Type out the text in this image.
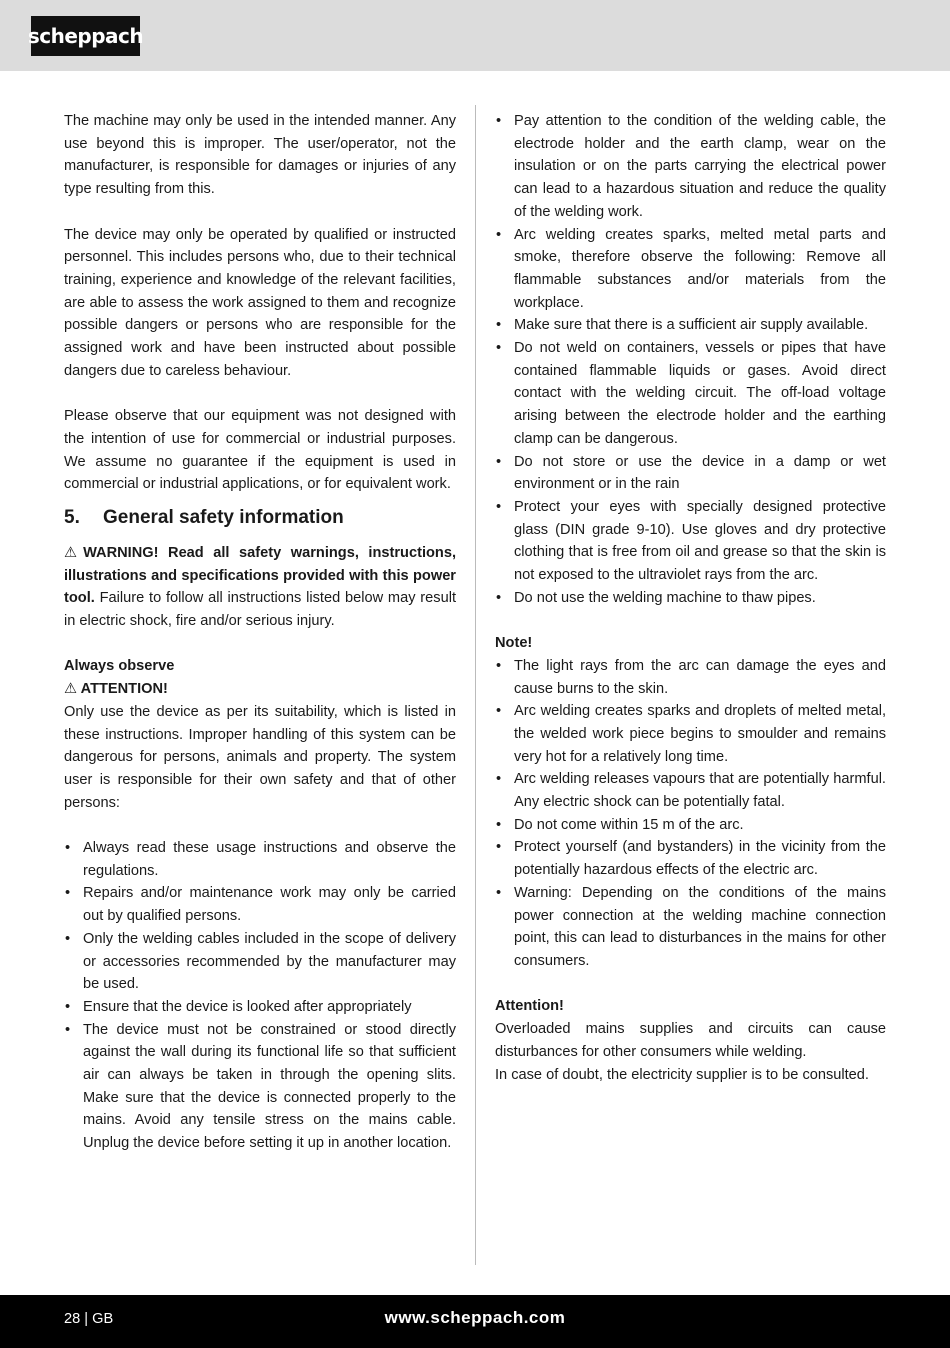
scheppach

The machine may only be used in the intended manner. Any use beyond this is improper. The user/operator, not the manufacturer, is responsible for damages or injuries of any type resulting from this.

The device may only be operated by qualified or instructed personnel. This includes persons who, due to their technical training, experience and knowledge of the relevant facilities, are able to assess the work assigned to them and recognize possible dangers or persons who are responsible for the assigned work and have been instructed about possible dangers due to careless behaviour.

Please observe that our equipment was not designed with the intention of use for commercial or industrial purposes. We assume no guarantee if the equipment is used in commercial or industrial applications, or for equivalent work.

5.	General safety information

⚠ WARNING! Read all safety warnings, instructions, illustrations and specifications provided with this power tool. Failure to follow all instructions listed below may result in electric shock, fire and/or serious injury.

Always observe

⚠ ATTENTION!

Only use the device as per its suitability, which is listed in these instructions. Improper handling of this system can be dangerous for persons, animals and property. The system user is responsible for their own safety and that of other persons:

• Always read these usage instructions and observe the regulations.
• Repairs and/or maintenance work may only be carried out by qualified persons.
• Only the welding cables included in the scope of delivery or accessories recommended by the manufacturer may be used.
• Ensure that the device is looked after appropriately
• The device must not be constrained or stood directly against the wall during its functional life so that sufficient air can always be taken in through the opening slits. Make sure that the device is connected properly to the mains. Avoid any tensile stress on the mains cable. Unplug the device before setting it up in another location.
• Pay attention to the condition of the welding cable, the electrode holder and the earth clamp, wear on the insulation or on the parts carrying the electrical power can lead to a hazardous situation and reduce the quality of the welding work.
• Arc welding creates sparks, melted metal parts and smoke, therefore observe the following: Remove all flammable substances and/or materials from the workplace.
• Make sure that there is a sufficient air supply available.
• Do not weld on containers, vessels or pipes that have contained flammable liquids or gases. Avoid direct contact with the welding circuit. The off-load voltage arising between the electrode holder and the earthing clamp can be dangerous.
• Do not store or use the device in a damp or wet environment or in the rain
• Protect your eyes with specially designed protective glass (DIN grade 9-10). Use gloves and dry protective clothing that is free from oil and grease so that the skin is not exposed to the ultraviolet rays from the arc.
• Do not use the welding machine to thaw pipes.

Note!

• The light rays from the arc can damage the eyes and cause burns to the skin.
• Arc welding creates sparks and droplets of melted metal, the welded work piece begins to smoulder and remains very hot for a relatively long time.
• Arc welding releases vapours that are potentially harmful. Any electric shock can be potentially fatal.
• Do not come within 15 m of the arc.
• Protect yourself (and bystanders) in the vicinity from the potentially hazardous effects of the electric arc.
• Warning: Depending on the conditions of the mains power connection at the welding machine connection point, this can lead to disturbances in the mains for other consumers.

Attention!

Overloaded mains supplies and circuits can cause disturbances for other consumers while welding.

In case of doubt, the electricity supplier is to be consulted.

28 | GB	www.scheppach.com
